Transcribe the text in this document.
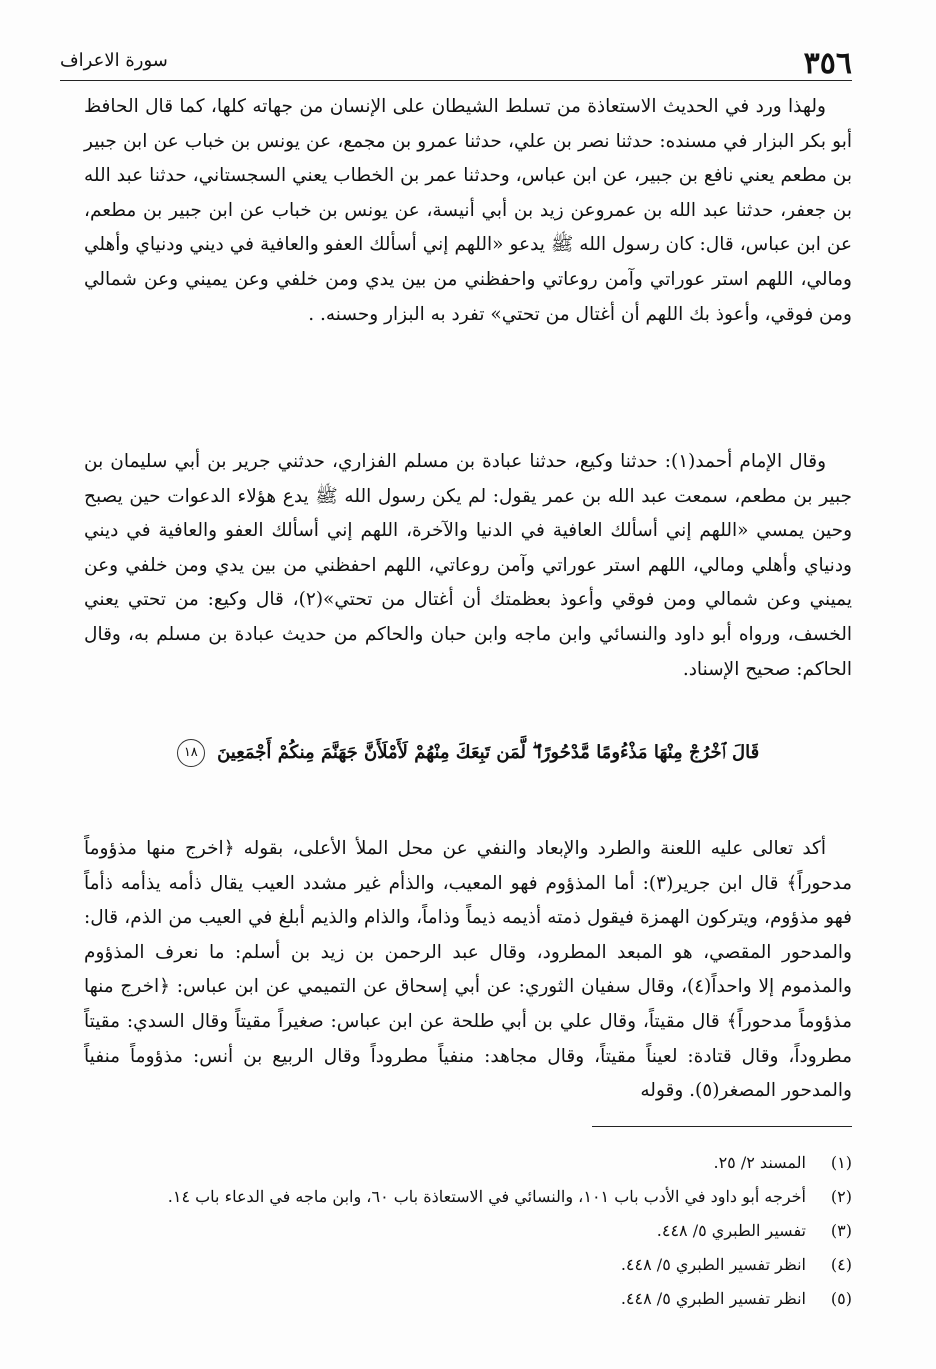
٣٥٦
سورة الاعراف

ولهذا ورد في الحديث الاستعاذة من تسلط الشيطان على الإنسان من جهاته كلها، كما قال الحافظ أبو بكر البزار في مسنده: حدثنا نصر بن علي، حدثنا عمرو بن مجمع، عن يونس بن خباب عن ابن جبير بن مطعم يعني نافع بن جبير، عن ابن عباس، وحدثنا عمر بن الخطاب يعني السجستاني، حدثنا عبد الله بن جعفر، حدثنا عبد الله بن عمروعن زيد بن أبي أنيسة، عن يونس بن خباب عن ابن جبير بن مطعم، عن ابن عباس، قال: كان رسول الله ﷺ يدعو «اللهم إني أسألك العفو والعافية في ديني ودنياي وأهلي ومالي، اللهم استر عوراتي وآمن روعاتي واحفظني من بين يدي ومن خلفي وعن يميني وعن شمالي ومن فوقي، وأعوذ بك اللهم أن أغتال من تحتي» تفرد به البزار وحسنه. .

وقال الإمام أحمد(١): حدثنا وكيع، حدثنا عبادة بن مسلم الفزاري، حدثني جرير بن أبي سليمان بن جبير بن مطعم، سمعت عبد الله بن عمر يقول: لم يكن رسول الله ﷺ يدع هؤلاء الدعوات حين يصبح وحين يمسي «اللهم إني أسألك العافية في الدنيا والآخرة، اللهم إني أسألك العفو والعافية في ديني ودنياي وأهلي ومالي، اللهم استر عوراتي وآمن روعاتي، اللهم احفظني من بين يدي ومن خلفي وعن يميني وعن شمالي ومن فوقي وأعوذ بعظمتك أن أغتال من تحتي»(٢)، قال وكيع: من تحتي يعني الخسف، ورواه أبو داود والنسائي وابن ماجه وابن حبان والحاكم من حديث عبادة بن مسلم به، وقال الحاكم: صحيح الإسناد.

قَالَ ٱخْرُجْ مِنْهَا مَذْءُومًا مَّدْحُورًا ۖ لَّمَن تَبِعَكَ مِنْهُمْ لَأَمْلَأَنَّ جَهَنَّمَ مِنكُمْ أَجْمَعِينَ ١٨

أكد تعالى عليه اللعنة والطرد والإبعاد والنفي عن محل الملأ الأعلى، بقوله ﴿اخرج منها مذؤوماً مدحوراً﴾ قال ابن جرير(٣): أما المذؤوم فهو المعيب، والذأم غير مشدد العيب يقال ذأمه يذأمه ذأماً فهو مذؤوم، ويتركون الهمزة فيقول ذمته أذيمه ذيماً وذاماً، والذام والذيم أبلغ في العيب من الذم، قال: والمدحور المقصي، هو المبعد المطرود، وقال عبد الرحمن بن زيد بن أسلم: ما نعرف المذؤوم والمذموم إلا واحداً(٤)، وقال سفيان الثوري: عن أبي إسحاق عن التميمي عن ابن عباس: ﴿اخرج منها مذؤوماً مدحوراً﴾ قال مقيتاً، وقال علي بن أبي طلحة عن ابن عباس: صغيراً مقيتاً وقال السدي: مقيتاً مطروداً، وقال قتادة: لعيناً مقيتاً، وقال مجاهد: منفياً مطروداً وقال الربيع بن أنس: مذؤوماً منفياً والمدحور المصغر(٥). وقوله

(١)
المسند ٢/ ٢٥.
(٢)
أخرجه أبو داود في الأدب باب ١٠١، والنسائي في الاستعاذة باب ٦٠، وابن ماجه في الدعاء باب ١٤.
(٣)
تفسير الطبري ٥/ ٤٤٨.
(٤)
انظر تفسير الطبري ٥/ ٤٤٨.
(٥)
انظر تفسير الطبري ٥/ ٤٤٨.
